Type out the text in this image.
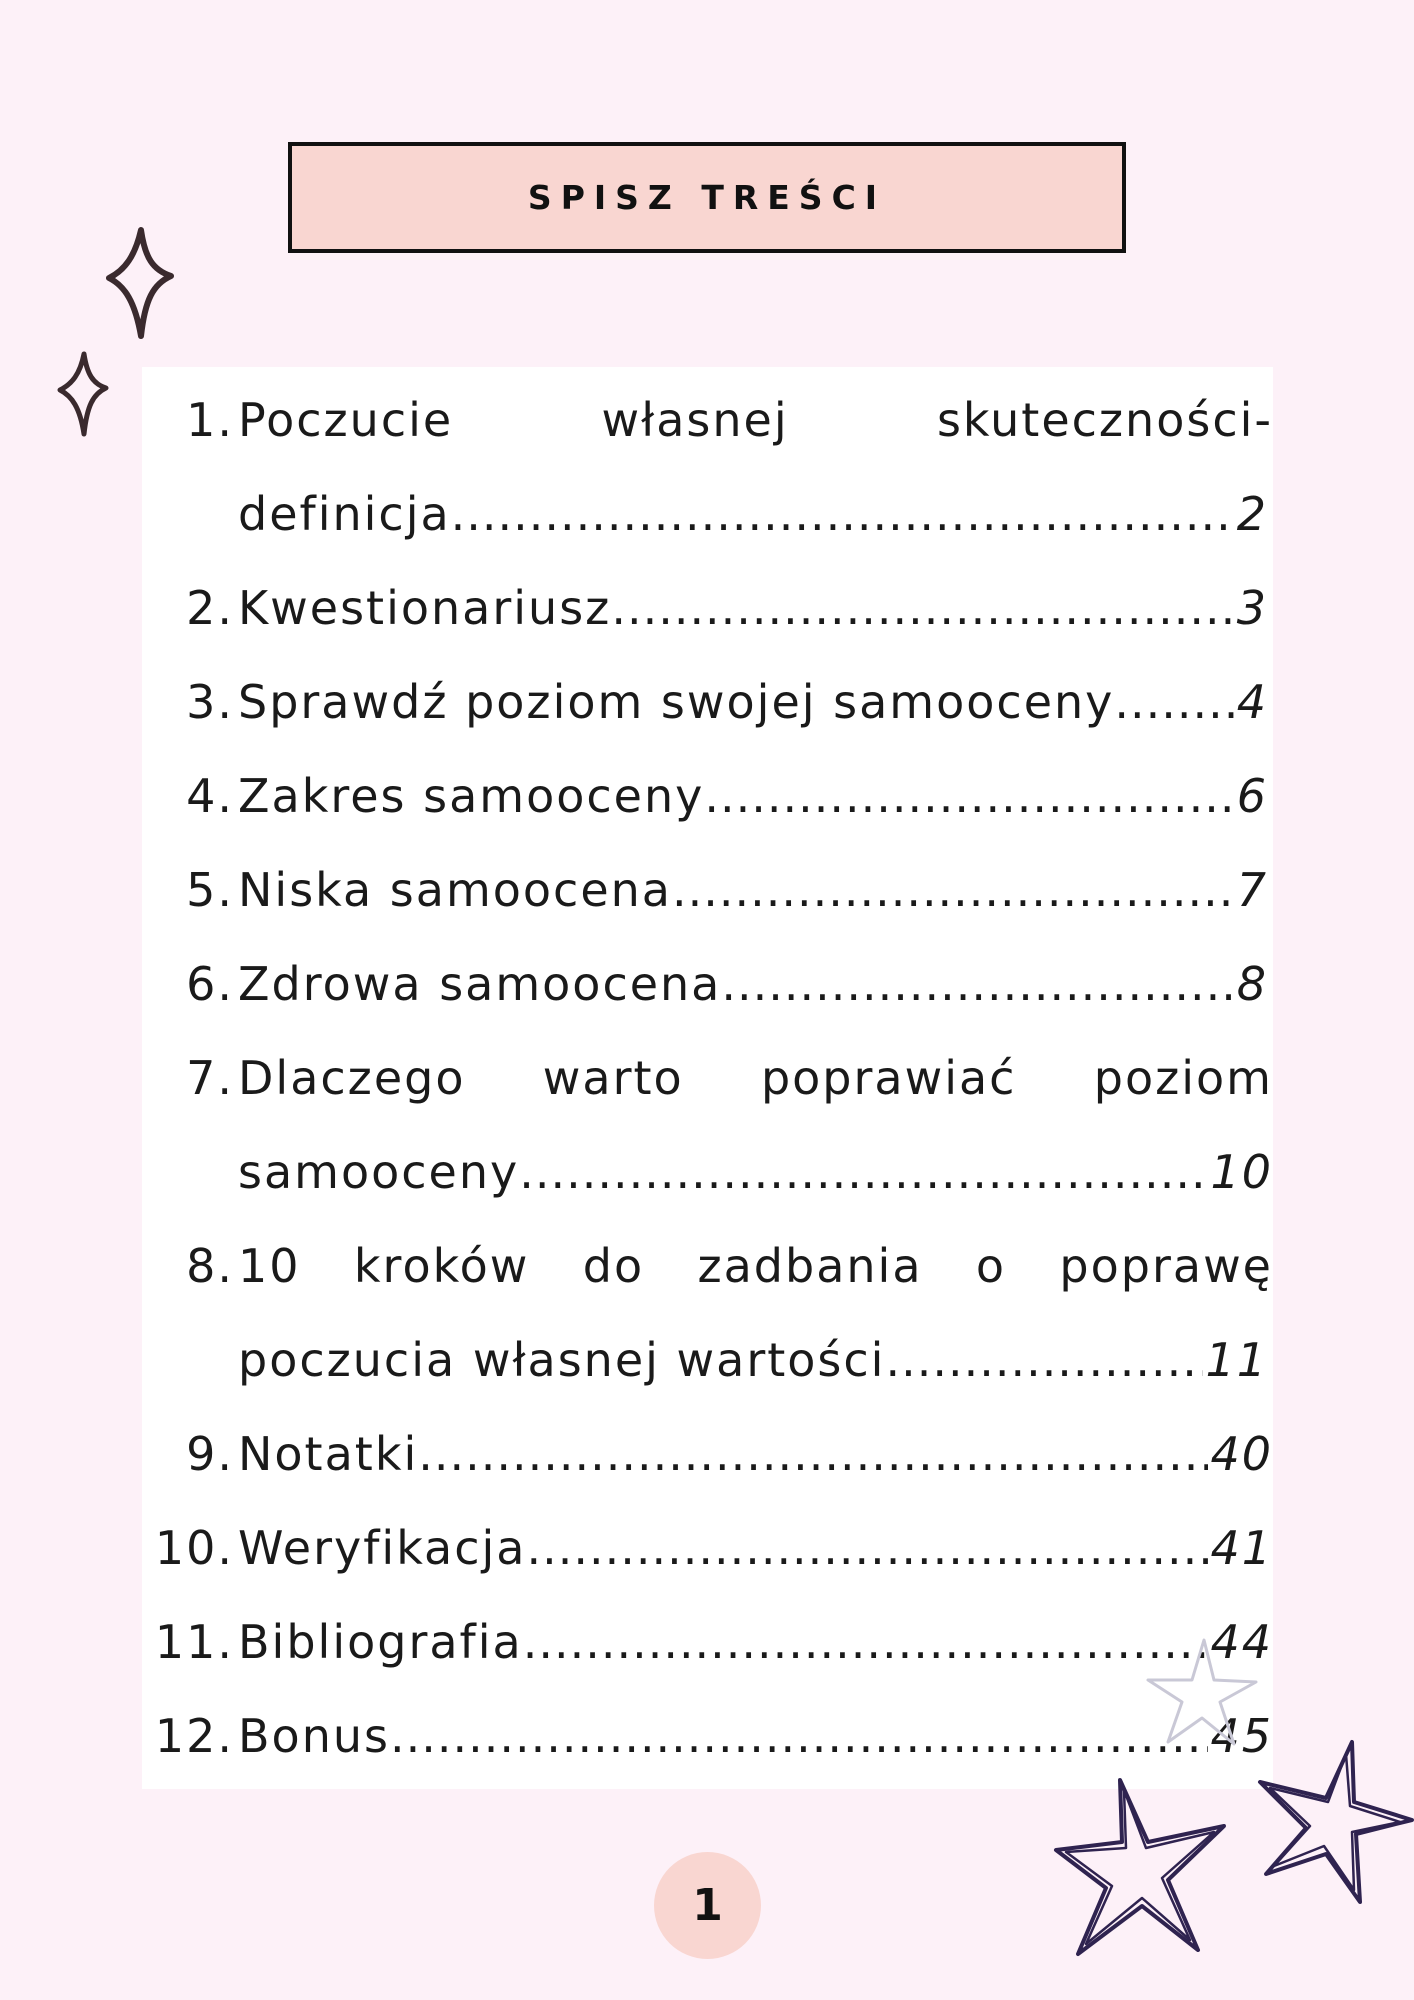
SPISZ TREŚCI
1. Poczucie	własnej	skuteczności-
definicja .....	2
2. Kwestionariusz .....	3
3. Sprawdź poziom swojej samooceny .....	4
4. Zakres samooceny .....	6
5. Niska samoocena .....	7
6. Zdrowa samoocena .....	8
7. Dlaczego warto poprawiać poziom
samooceny .....	10
8. 10 kroków do zadbania o poprawę
poczucia własnej wartości .....	11
9. Notatki .....	40
10. Weryfikacja .....	41
11. Bibliografia .....	44
12. Bonus .....	45
1
